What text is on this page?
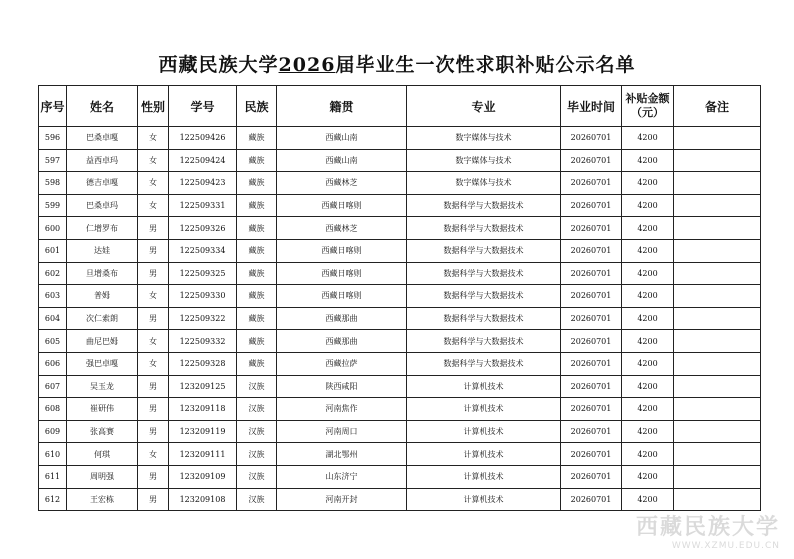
西藏民族大学2026届毕业生一次性求职补贴公示名单
序号	姓名	性别	学号	民族	籍贯	专业	毕业时间	补贴金额（元）	备注
596	巴桑卓嘎	女	122509426	藏族	西藏山南	数字媒体与技术	20260701	4200	
597	益西卓玛	女	122509424	藏族	西藏山南	数字媒体与技术	20260701	4200	
598	德吉卓嘎	女	122509423	藏族	西藏林芝	数字媒体与技术	20260701	4200	
599	巴桑卓玛	女	122509331	藏族	西藏日喀则	数据科学与大数据技术	20260701	4200	
600	仁增罗布	男	122509326	藏族	西藏林芝	数据科学与大数据技术	20260701	4200	
601	达娃	男	122509334	藏族	西藏日喀则	数据科学与大数据技术	20260701	4200	
602	旦增桑布	男	122509325	藏族	西藏日喀则	数据科学与大数据技术	20260701	4200	
603	普姆	女	122509330	藏族	西藏日喀则	数据科学与大数据技术	20260701	4200	
604	次仁索朗	男	122509322	藏族	西藏那曲	数据科学与大数据技术	20260701	4200	
605	曲尼巴姆	女	122509332	藏族	西藏那曲	数据科学与大数据技术	20260701	4200	
606	强巴卓嘎	女	122509328	藏族	西藏拉萨	数据科学与大数据技术	20260701	4200	
607	吴玉龙	男	123209125	汉族	陕西咸阳	计算机技术	20260701	4200	
608	崔研伟	男	123209118	汉族	河南焦作	计算机技术	20260701	4200	
609	张高赛	男	123209119	汉族	河南周口	计算机技术	20260701	4200	
610	何琪	女	123209111	汉族	湖北鄂州	计算机技术	20260701	4200	
611	周明强	男	123209109	汉族	山东济宁	计算机技术	20260701	4200	
612	王宏栋	男	123209108	汉族	河南开封	计算机技术	20260701	4200	
西藏民族大学
WWW.XZMU.EDU.CN
